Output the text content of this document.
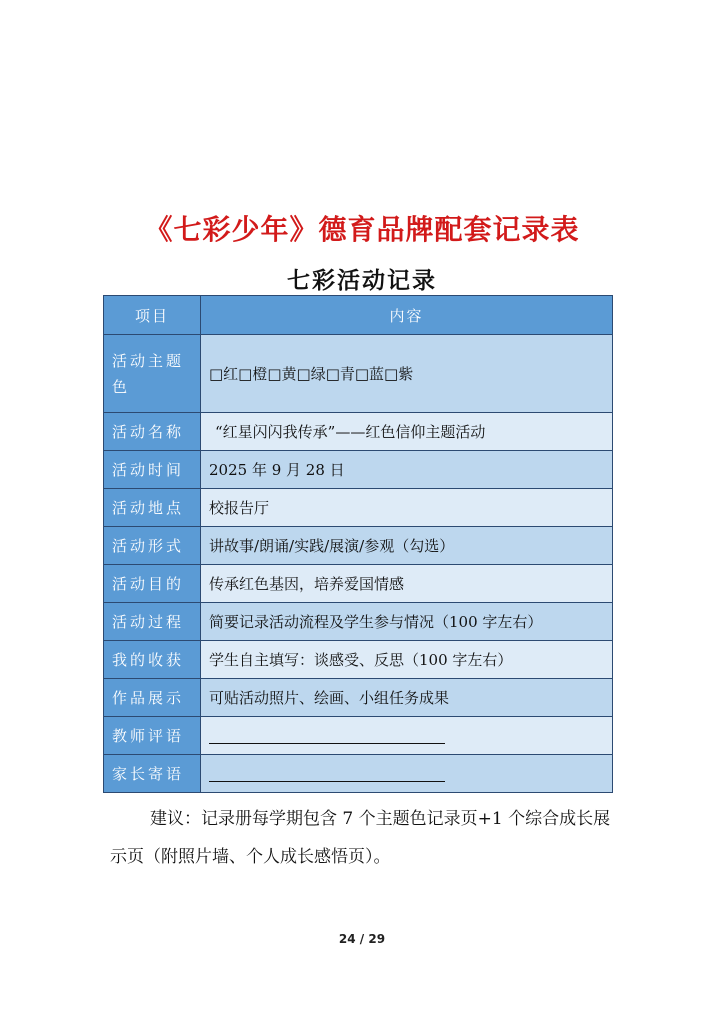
《七彩少年》德育品牌配套记录表
七彩活动记录
项目	内容
活动主题色	□红□橙□黄□绿□青□蓝□紫
活动名称	“红星闪闪我传承”——红色信仰主题活动
活动时间	2025 年 9 月 28 日
活动地点	校报告厅
活动形式	讲故事/朗诵/实践/展演/参观（勾选）
活动目的	传承红色基因，培养爱国情感
活动过程	简要记录活动流程及学生参与情况（100 字左右）
我的收获	学生自主填写：谈感受、反思（100 字左右）
作品展示	可贴活动照片、绘画、小组任务成果
教师评语	
家长寄语	
建议：记录册每学期包含 7 个主题色记录页+1 个综合成长展示页（附照片墙、个人成长感悟页）。
24 / 29
